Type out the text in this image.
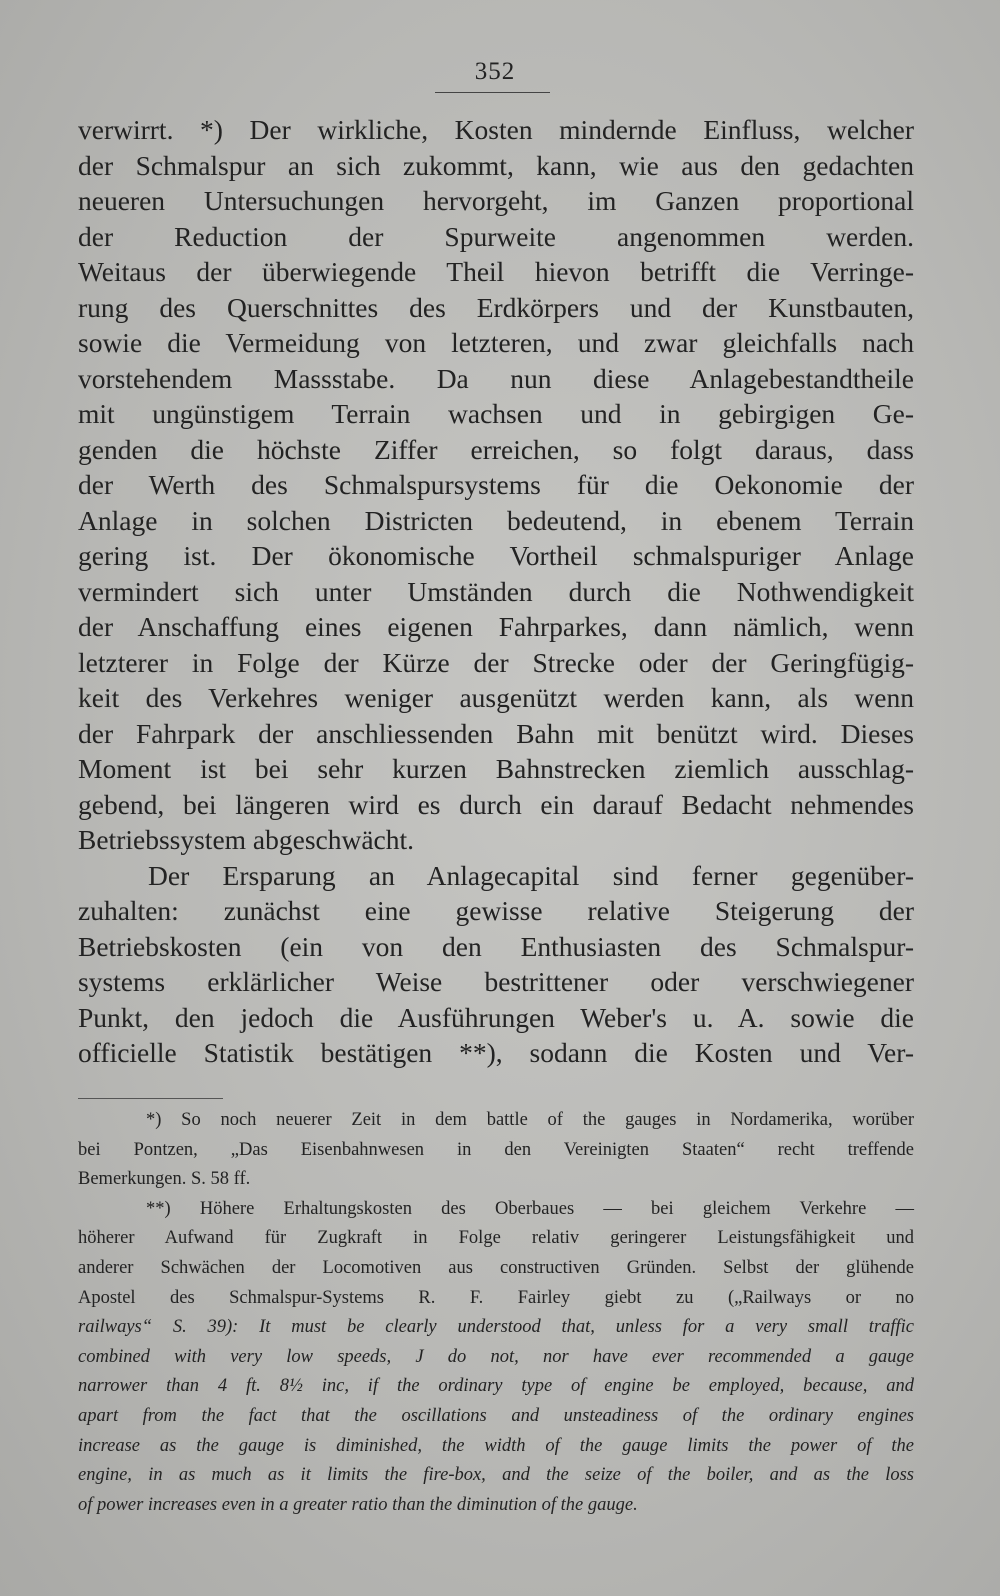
352
verwirrt. *) Der wirkliche, Kosten mindernde Einfluss, welcher
der Schmalspur an sich zukommt, kann, wie aus den gedachten
neueren Untersuchungen hervorgeht, im Ganzen proportional
der Reduction der Spurweite angenommen werden.
Weitaus der überwiegende Theil hievon betrifft die Verringe-
rung des Querschnittes des Erdkörpers und der Kunstbauten,
sowie die Vermeidung von letzteren, und zwar gleichfalls nach
vorstehendem Massstabe. Da nun diese Anlagebestandtheile
mit ungünstigem Terrain wachsen und in gebirgigen Ge-
genden die höchste Ziffer erreichen, so folgt daraus, dass
der Werth des Schmalspursystems für die Oekonomie der
Anlage in solchen Districten bedeutend, in ebenem Terrain
gering ist. Der ökonomische Vortheil schmalspuriger Anlage
vermindert sich unter Umständen durch die Nothwendigkeit
der Anschaffung eines eigenen Fahrparkes, dann nämlich, wenn
letzterer in Folge der Kürze der Strecke oder der Geringfügig-
keit des Verkehres weniger ausgenützt werden kann, als wenn
der Fahrpark der anschliessenden Bahn mit benützt wird. Dieses
Moment ist bei sehr kurzen Bahnstrecken ziemlich ausschlag-
gebend, bei längeren wird es durch ein darauf Bedacht nehmendes
Betriebssystem abgeschwächt.
Der Ersparung an Anlagecapital sind ferner gegenüber-
zuhalten: zunächst eine gewisse relative Steigerung der
Betriebskosten (ein von den Enthusiasten des Schmalspur-
systems erklärlicher Weise bestrittener oder verschwiegener
Punkt, den jedoch die Ausführungen Weber's u. A. sowie die
officielle Statistik bestätigen **), sodann die Kosten und Ver-
*) So noch neuerer Zeit in dem battle of the gauges in Nordamerika, worüber
bei Pontzen, „Das Eisenbahnwesen in den Vereinigten Staaten“ recht treffende
Bemerkungen. S. 58 ff.
**) Höhere Erhaltungskosten des Oberbaues — bei gleichem Verkehre —
höherer Aufwand für Zugkraft in Folge relativ geringerer Leistungsfähigkeit und
anderer Schwächen der Locomotiven aus constructiven Gründen. Selbst der glühende
Apostel des Schmalspur-Systems R. F. Fairley giebt zu („Railways or no
railways“ S. 39): It must be clearly understood that, unless for a very small traffic
combined with very low speeds, J do not, nor have ever recommended a gauge
narrower than 4 ft. 8½ inc, if the ordinary type of engine be employed, because, and
apart from the fact that the oscillations and unsteadiness of the ordinary engines
increase as the gauge is diminished, the width of the gauge limits the power of the
engine, in as much as it limits the fire-box, and the seize of the boiler, and as the loss
of power increases even in a greater ratio than the diminution of the gauge.
